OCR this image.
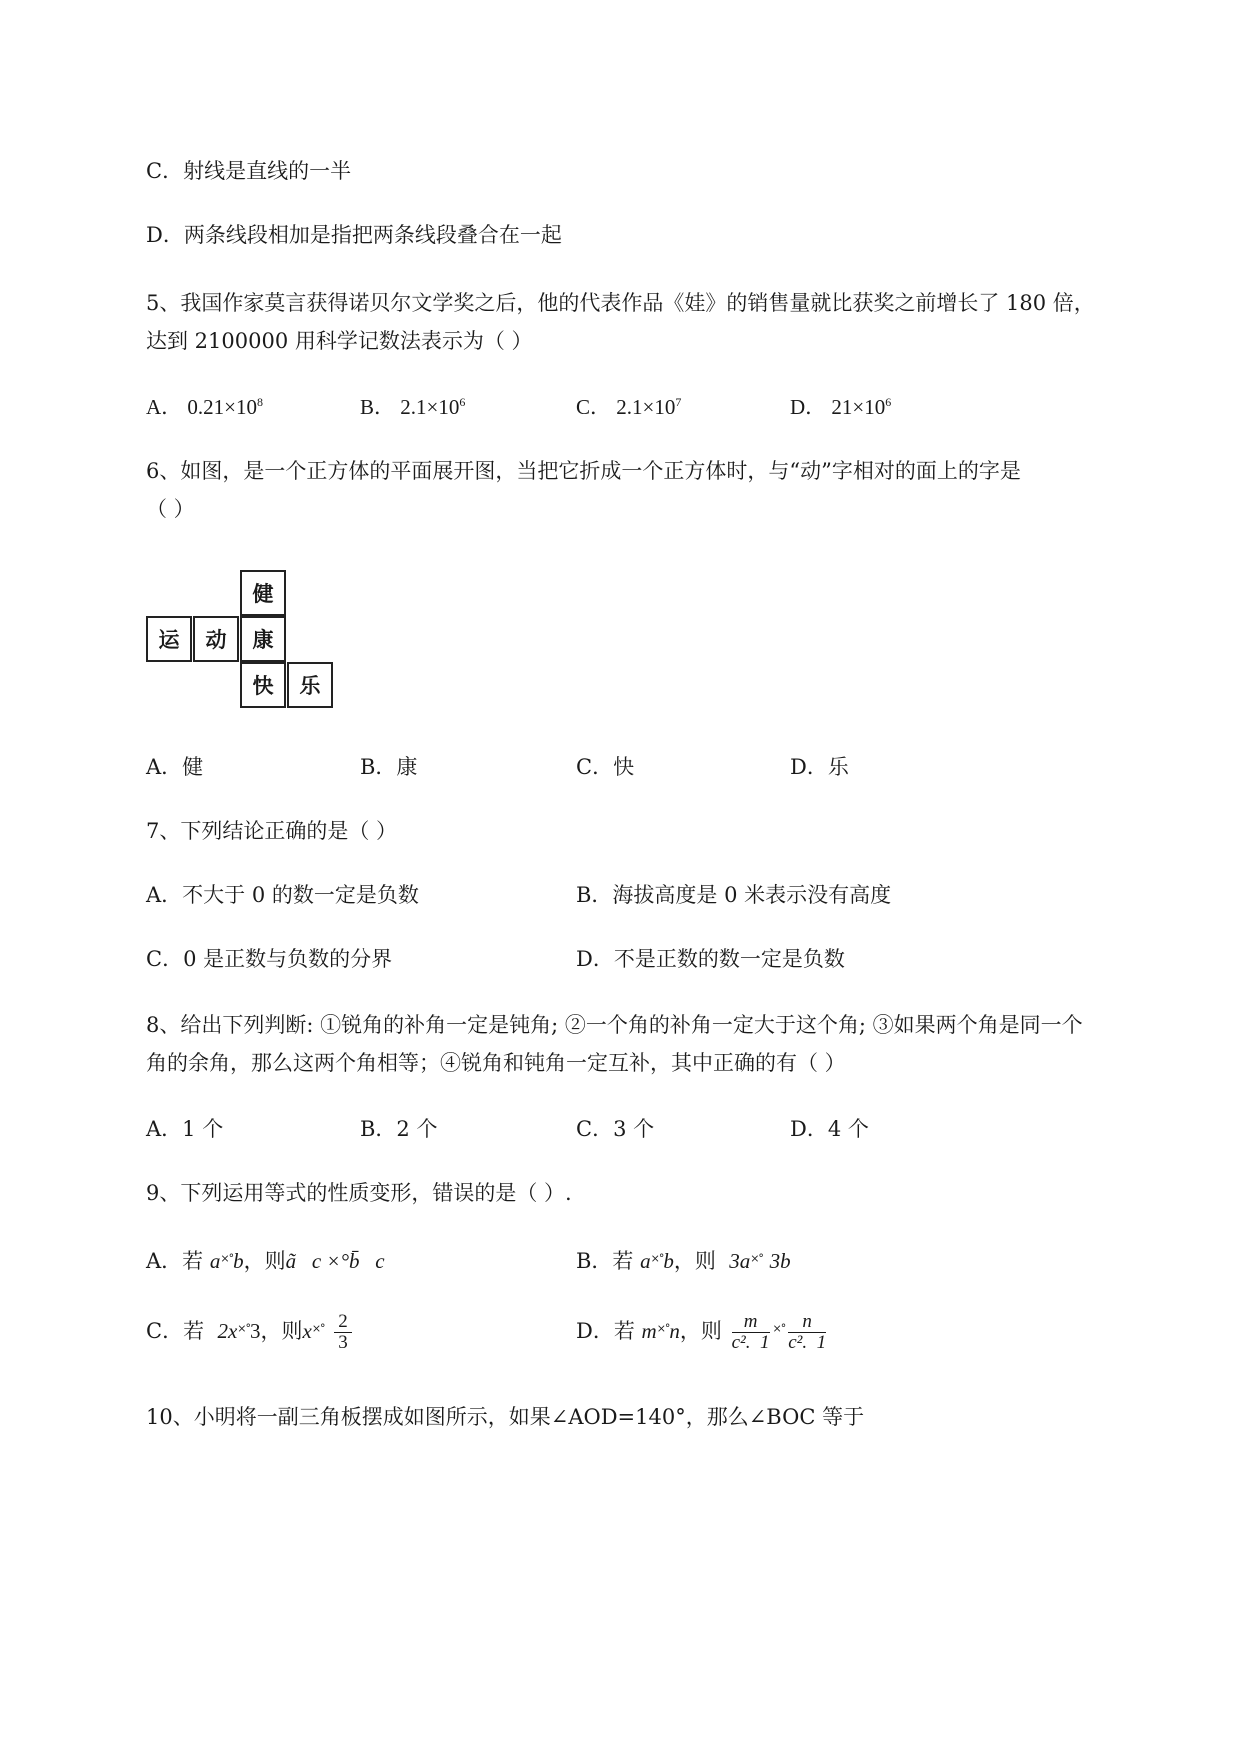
C．射线是直线的一半
D．两条线段相加是指把两条线段叠合在一起
5、我国作家莫言获得诺贝尔文学奖之后，他的代表作品《娃》的销售量就比获奖之前增长了 180 倍，
达到 2100000 用科学记数法表示为（ ）
A． $0.21\times 10^8$	B． $2.1\times 10^6$	C． $2.1\times 10^7$	D． $21\times 10^6$
6、如图，是一个正方体的平面展开图，当把它折成一个正方体时，与“动”字相对的面上的字是
（ ）
健
运	动	康
快	乐
A．健	B．康	C．快	D．乐
7、下列结论正确的是（ ）
A．不大于 0 的数一定是负数	B．海拔高度是 0 米表示没有高度
C．0 是正数与负数的分界	D．不是正数的数一定是负数
8、给出下列判断: ①锐角的补角一定是钝角; ②一个角的补角一定大于这个角; ③如果两个角是同一个
角的余角，那么这两个角相等；④锐角和钝角一定互补，其中正确的有（ ）
A．1 个	B．2 个	C．3 个	D．4 个
9、下列运用等式的性质变形，错误的是（ ）.
A．若 a×°b，则ã   c ×°b̄   c	B．若 a×°b，则 3a×° 3b
C．若 2x×°3，则$x^{\times^\circ} \frac{2}{3}$	D．若 m×°n，则 $\frac{m}{\text{c².  1}} ^{\times^\circ} \frac{n}{\text{c².  1}}$
10、小明将一副三角板摆成如图所示，如果∠AOD=140°，那么∠BOC 等于
